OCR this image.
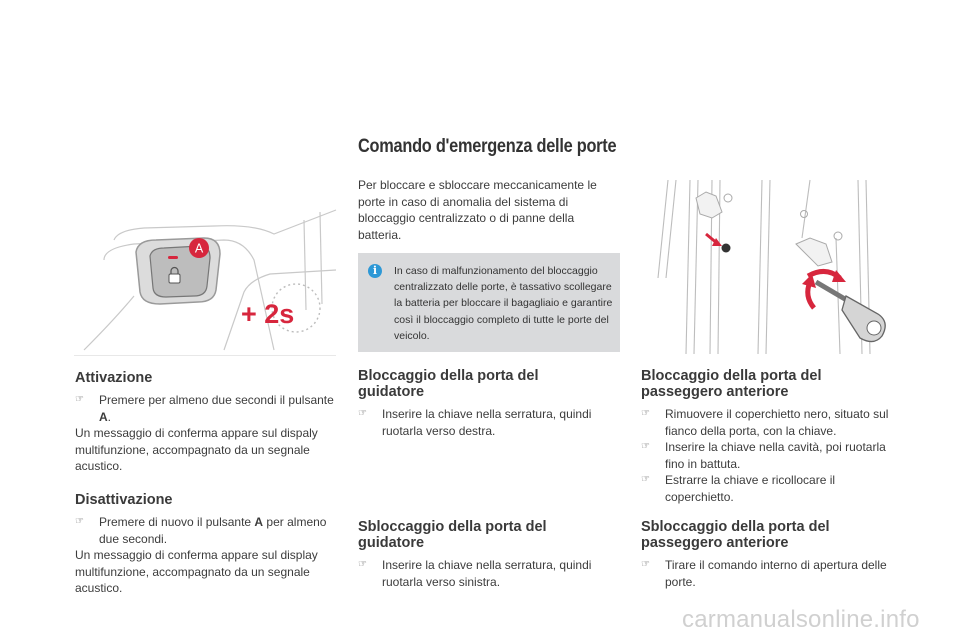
Comando d'emergenza delle porte
A
+ 2s
Per bloccare e sbloccare meccanicamente le porte in caso di anomalia del sistema di bloccaggio centralizzato o di panne della batteria.
i	In caso di malfunzionamento del bloccaggio centralizzato delle porte, è tassativo scollegare la batteria per bloccare il bagagliaio e garantire così il bloccaggio completo di tutte le porte del veicolo.
Attivazione
☞ Premere per almeno due secondi il pulsante A.
Un messaggio di conferma appare sul dispaly multifunzione, accompagnato da un segnale acustico.
Disattivazione
☞ Premere di nuovo il pulsante A per almeno due secondi.
Un messaggio di conferma appare sul display multifunzione, accompagnato da un segnale acustico.
Bloccaggio della porta del guidatore
☞ Inserire la chiave nella serratura, quindi ruotarla verso destra.
Sbloccaggio della porta del guidatore
☞ Inserire la chiave nella serratura, quindi ruotarla verso sinistra.
Bloccaggio della porta del passeggero anteriore
☞ Rimuovere il coperchietto nero, situato sul fianco della porta, con la chiave.
☞ Inserire la chiave nella cavità, poi ruotarla fino in battuta.
☞ Estrarre la chiave e ricollocare il coperchietto.
Sbloccaggio della porta del passeggero anteriore
☞ Tirare il comando interno di apertura delle porte.
carmanualsonline.info
